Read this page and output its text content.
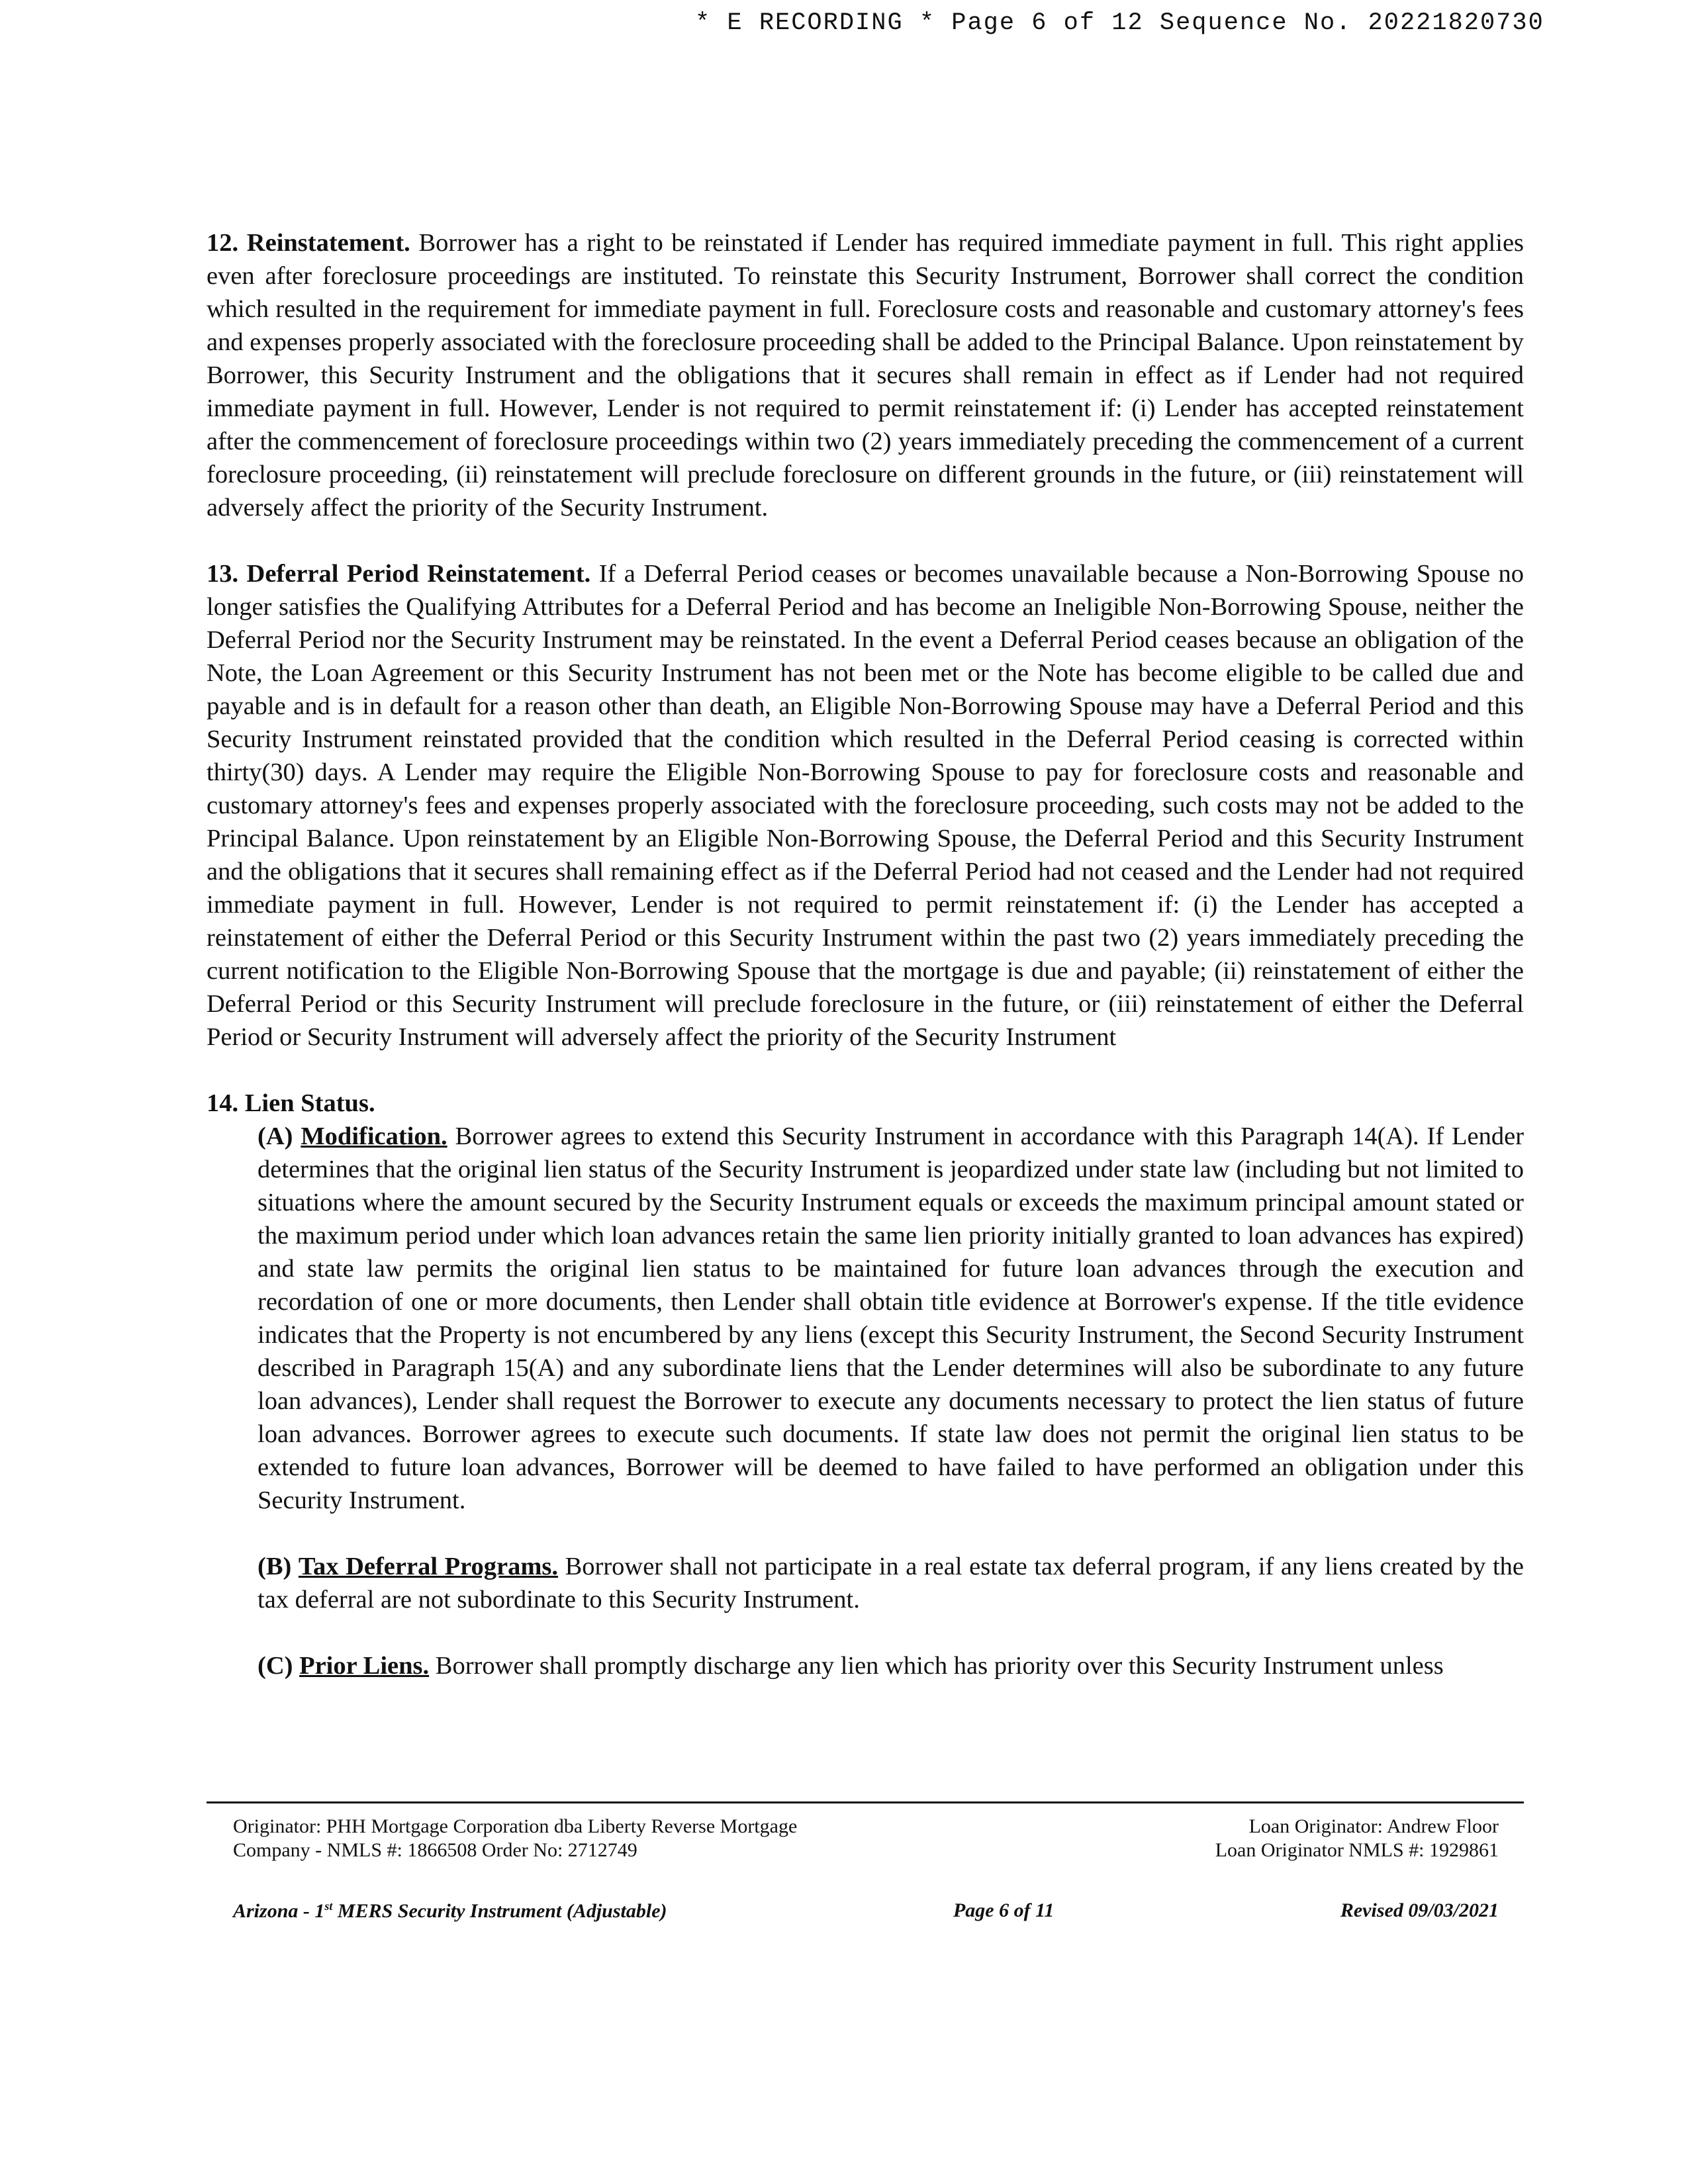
* E RECORDING * Page 6 of 12 Sequence No. 20221820730

12. Reinstatement. Borrower has a right to be reinstated if Lender has required immediate payment in full. This right applies even after foreclosure proceedings are instituted. To reinstate this Security Instrument, Borrower shall correct the condition which resulted in the requirement for immediate payment in full. Foreclosure costs and reasonable and customary attorney's fees and expenses properly associated with the foreclosure proceeding shall be added to the Principal Balance. Upon reinstatement by Borrower, this Security Instrument and the obligations that it secures shall remain in effect as if Lender had not required immediate payment in full. However, Lender is not required to permit reinstatement if: (i) Lender has accepted reinstatement after the commencement of foreclosure proceedings within two (2) years immediately preceding the commencement of a current foreclosure proceeding, (ii) reinstatement will preclude foreclosure on different grounds in the future, or (iii) reinstatement will adversely affect the priority of the Security Instrument.

13. Deferral Period Reinstatement. If a Deferral Period ceases or becomes unavailable because a Non-Borrowing Spouse no longer satisfies the Qualifying Attributes for a Deferral Period and has become an Ineligible Non-Borrowing Spouse, neither the Deferral Period nor the Security Instrument may be reinstated. In the event a Deferral Period ceases because an obligation of the Note, the Loan Agreement or this Security Instrument has not been met or the Note has become eligible to be called due and payable and is in default for a reason other than death, an Eligible Non-Borrowing Spouse may have a Deferral Period and this Security Instrument reinstated provided that the condition which resulted in the Deferral Period ceasing is corrected within thirty(30) days. A Lender may require the Eligible Non-Borrowing Spouse to pay for foreclosure costs and reasonable and customary attorney's fees and expenses properly associated with the foreclosure proceeding, such costs may not be added to the Principal Balance. Upon reinstatement by an Eligible Non-Borrowing Spouse, the Deferral Period and this Security Instrument and the obligations that it secures shall remaining effect as if the Deferral Period had not ceased and the Lender had not required immediate payment in full. However, Lender is not required to permit reinstatement if: (i) the Lender has accepted a reinstatement of either the Deferral Period or this Security Instrument within the past two (2) years immediately preceding the current notification to the Eligible Non-Borrowing Spouse that the mortgage is due and payable; (ii) reinstatement of either the Deferral Period or this Security Instrument will preclude foreclosure in the future, or (iii) reinstatement of either the Deferral Period or Security Instrument will adversely affect the priority of the Security Instrument

14. Lien Status.

(A) Modification. Borrower agrees to extend this Security Instrument in accordance with this Paragraph 14(A). If Lender determines that the original lien status of the Security Instrument is jeopardized under state law (including but not limited to situations where the amount secured by the Security Instrument equals or exceeds the maximum principal amount stated or the maximum period under which loan advances retain the same lien priority initially granted to loan advances has expired) and state law permits the original lien status to be maintained for future loan advances through the execution and recordation of one or more documents, then Lender shall obtain title evidence at Borrower's expense. If the title evidence indicates that the Property is not encumbered by any liens (except this Security Instrument, the Second Security Instrument described in Paragraph 15(A) and any subordinate liens that the Lender determines will also be subordinate to any future loan advances), Lender shall request the Borrower to execute any documents necessary to protect the lien status of future loan advances. Borrower agrees to execute such documents. If state law does not permit the original lien status to be extended to future loan advances, Borrower will be deemed to have failed to have performed an obligation under this Security Instrument.

(B) Tax Deferral Programs. Borrower shall not participate in a real estate tax deferral program, if any liens created by the tax deferral are not subordinate to this Security Instrument.

(C) Prior Liens. Borrower shall promptly discharge any lien which has priority over this Security Instrument unless

Originator: PHH Mortgage Corporation dba Liberty Reverse Mortgage
Company - NMLS #: 1866508 Order No: 2712749
Loan Originator: Andrew Floor
Loan Originator NMLS #: 1929861
Arizona - 1st MERS Security Instrument (Adjustable)	Page 6 of 11	Revised 09/03/2021
